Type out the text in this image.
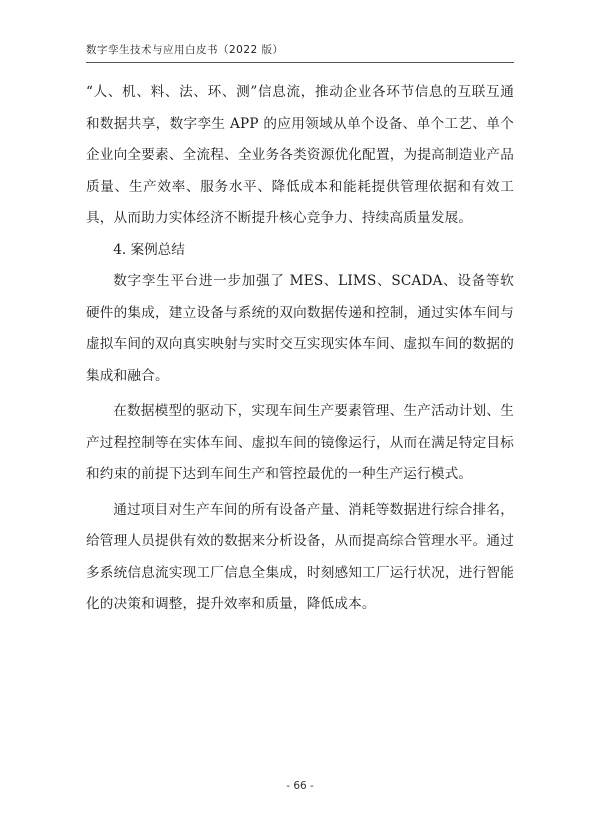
数字孪生技术与应用白皮书（2022 版）

“人、机、料、法、环、测”信息流，推动企业各环节信息的互联互通和数据共享，数字孪生 APP 的应用领域从单个设备、单个工艺、单个企业向全要素、全流程、全业务各类资源优化配置，为提高制造业产品质量、生产效率、服务水平、降低成本和能耗提供管理依据和有效工具，从而助力实体经济不断提升核心竞争力、持续高质量发展。

4. 案例总结

数字孪生平台进一步加强了 MES、LIMS、SCADA、设备等软硬件的集成，建立设备与系统的双向数据传递和控制，通过实体车间与虚拟车间的双向真实映射与实时交互实现实体车间、虚拟车间的数据的集成和融合。

在数据模型的驱动下，实现车间生产要素管理、生产活动计划、生产过程控制等在实体车间、虚拟车间的镜像运行，从而在满足特定目标和约束的前提下达到车间生产和管控最优的一种生产运行模式。

通过项目对生产车间的所有设备产量、消耗等数据进行综合排名，给管理人员提供有效的数据来分析设备，从而提高综合管理水平。通过多系统信息流实现工厂信息全集成，时刻感知工厂运行状况，进行智能化的决策和调整，提升效率和质量，降低成本。

- 66 -
